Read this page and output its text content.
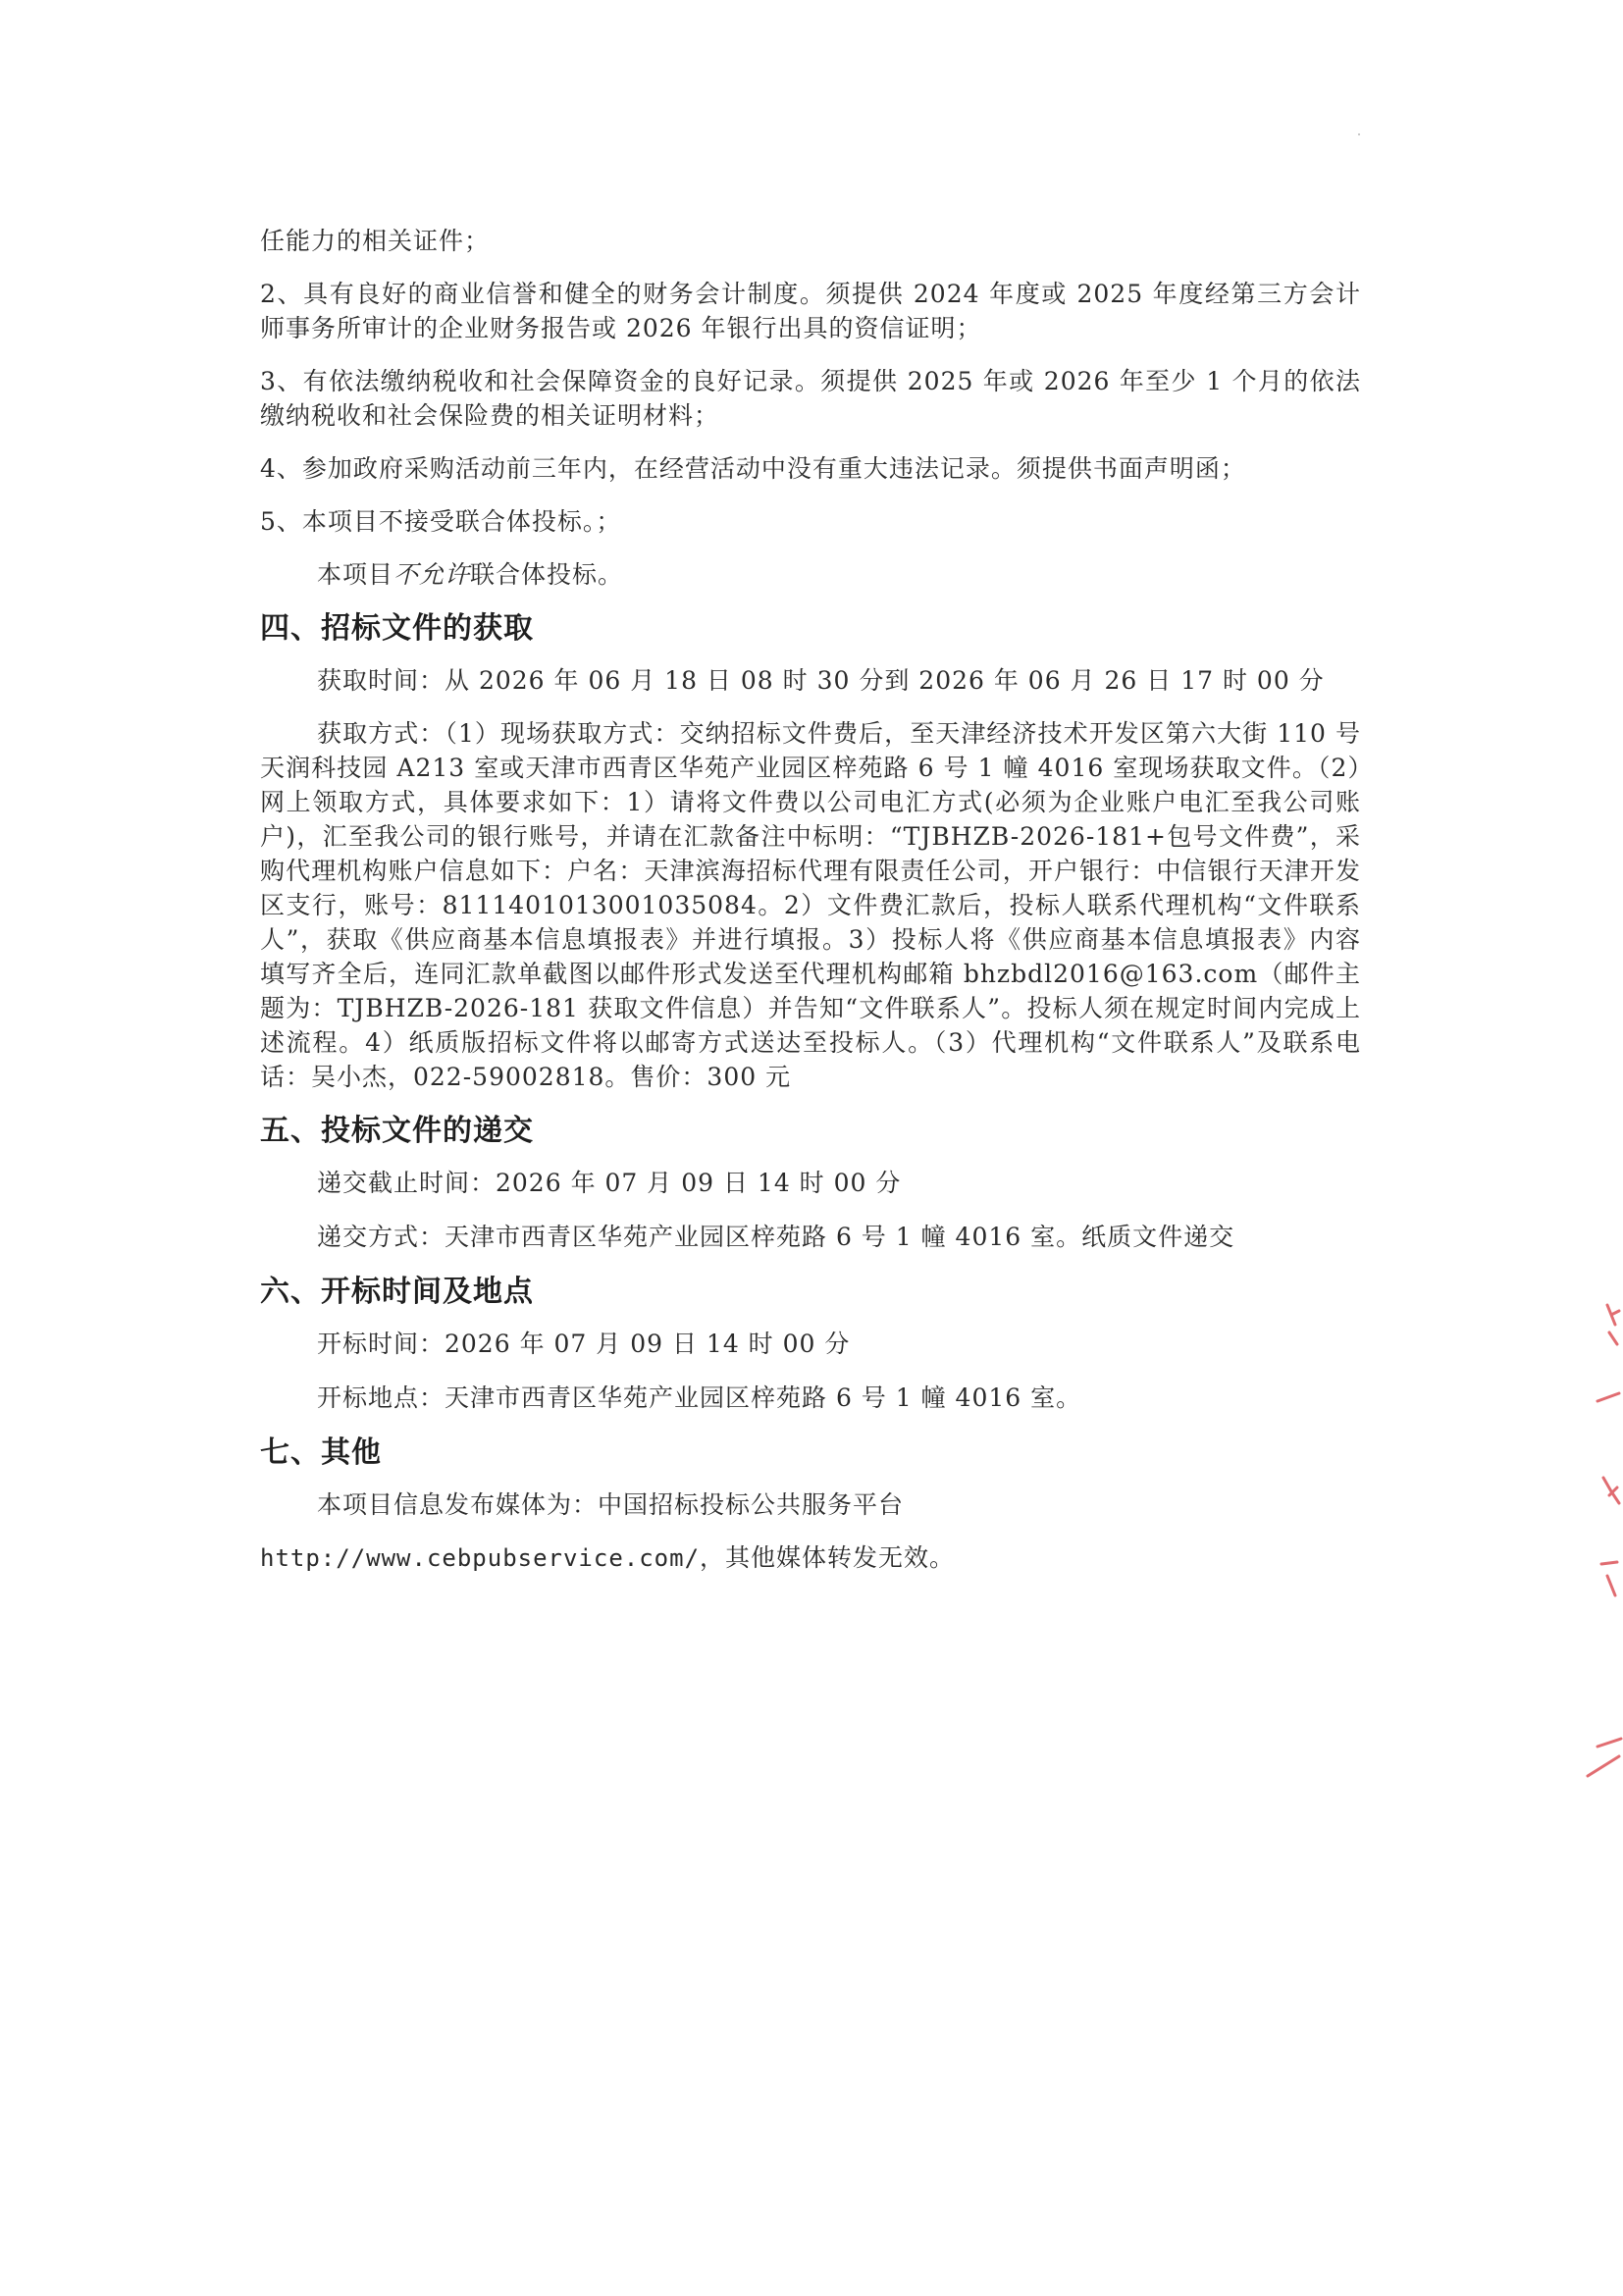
任能力的相关证件；
2、具有良好的商业信誉和健全的财务会计制度。须提供 2024 年度或 2025 年度经第三方会计师事务所审计的企业财务报告或 2026 年银行出具的资信证明；
3、有依法缴纳税收和社会保障资金的良好记录。须提供 2025 年或 2026 年至少 1 个月的依法缴纳税收和社会保险费的相关证明材料；
4、参加政府采购活动前三年内，在经营活动中没有重大违法记录。须提供书面声明函；
5、本项目不接受联合体投标。；
本项目不允许联合体投标。
四、招标文件的获取
获取时间：从 2026 年 06 月 18 日 08 时 30 分到 2026 年 06 月 26 日 17 时 00 分
获取方式：（1）现场获取方式：交纳招标文件费后，至天津经济技术开发区第六大街 110 号天润科技园 A213 室或天津市西青区华苑产业园区梓苑路 6 号 1 幢 4016 室现场获取文件。（2）网上领取方式，具体要求如下：1）请将文件费以公司电汇方式(必须为企业账户电汇至我公司账户)，汇至我公司的银行账号，并请在汇款备注中标明：“TJBHZB-2026-181+包号文件费”，采购代理机构账户信息如下：户名：天津滨海招标代理有限责任公司，开户银行：中信银行天津开发区支行，账号：8111401013001035084。2）文件费汇款后，投标人联系代理机构“文件联系人”，获取《供应商基本信息填报表》并进行填报。3）投标人将《供应商基本信息填报表》内容填写齐全后，连同汇款单截图以邮件形式发送至代理机构邮箱 bhzbdl2016@163.com（邮件主题为：TJBHZB-2026-181 获取文件信息）并告知“文件联系人”。投标人须在规定时间内完成上述流程。4）纸质版招标文件将以邮寄方式送达至投标人。（3）代理机构“文件联系人”及联系电话：吴小杰，022-59002818。售价：300 元
五、投标文件的递交
递交截止时间：2026 年 07 月 09 日 14 时 00 分
递交方式：天津市西青区华苑产业园区梓苑路 6 号 1 幢 4016 室。纸质文件递交
六、开标时间及地点
开标时间：2026 年 07 月 09 日 14 时 00 分
开标地点：天津市西青区华苑产业园区梓苑路 6 号 1 幢 4016 室。
七、其他
本项目信息发布媒体为：中国招标投标公共服务平台
http://www.cebpubservice.com/，其他媒体转发无效。
